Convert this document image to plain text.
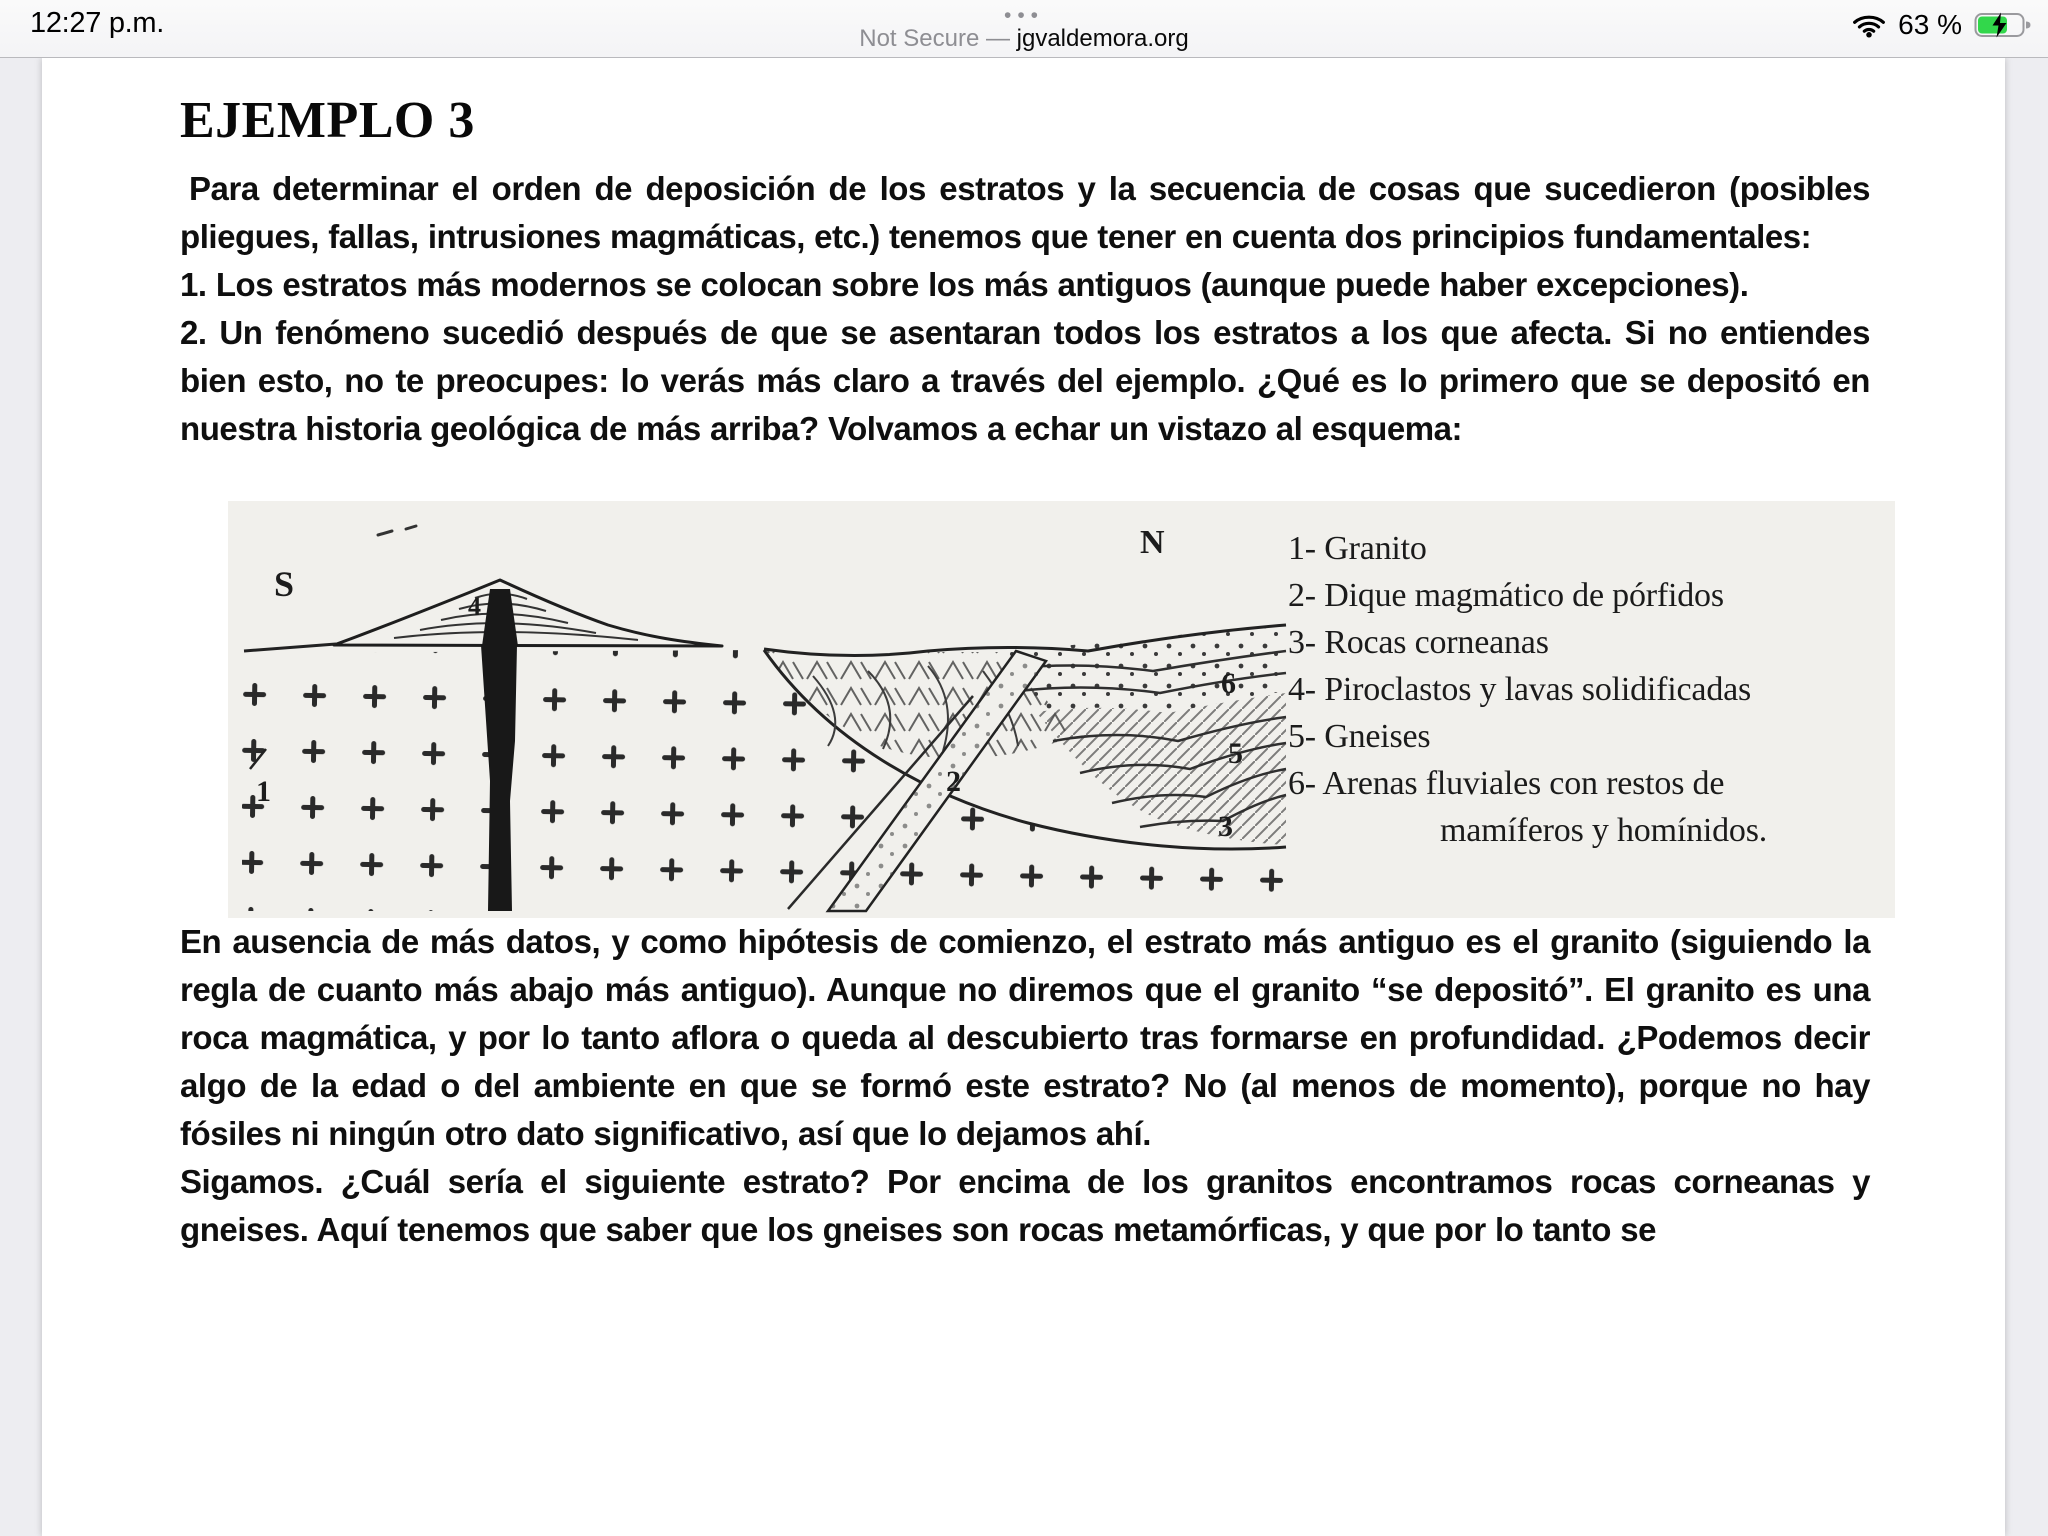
12:27 p.m.	•••
Not Secure — jgvaldemora.org	63 %
EJEMPLO 3

Para determinar el orden de deposición de los estratos y la secuencia de cosas que sucedieron (posibles pliegues, fallas, intrusiones magmáticas, etc.) tenemos que tener en cuenta dos principios fundamentales:

1. Los estratos más modernos se colocan sobre los más antiguos (aunque puede haber excepciones).

2. Un fenómeno sucedió después de que se asentaran todos los estratos a los que afecta. Si no entiendes bien esto, no te preocupes: lo verás más claro a través del ejemplo. ¿Qué es lo primero que se depositó en nuestra historia geológica de más arriba? Volvamos a echar un vistazo al esquema:

S
N
1	2
3
4
5
6
1- Granito
2- Dique magmático de pórfidos
3- Rocas corneanas
4- Piroclastos y lavas solidificadas
5- Gneises
6- Arenas fluviales con restos de
mamíferos y homínidos.

En ausencia de más datos, y como hipótesis de comienzo, el estrato más antiguo es el granito (siguiendo la regla de cuanto más abajo más antiguo). Aunque no diremos que el granito “se depositó”. El granito es una roca magmática, y por lo tanto aflora o queda al descubierto tras formarse en profundidad. ¿Podemos decir algo de la edad o del ambiente en que se formó este estrato? No (al menos de momento), porque no hay fósiles ni ningún otro dato significativo, así que lo dejamos ahí.

Sigamos. ¿Cuál sería el siguiente estrato? Por encima de los granitos encontramos rocas corneanas y gneises. Aquí tenemos que saber que los gneises son rocas metamórficas, y que por lo tanto se
